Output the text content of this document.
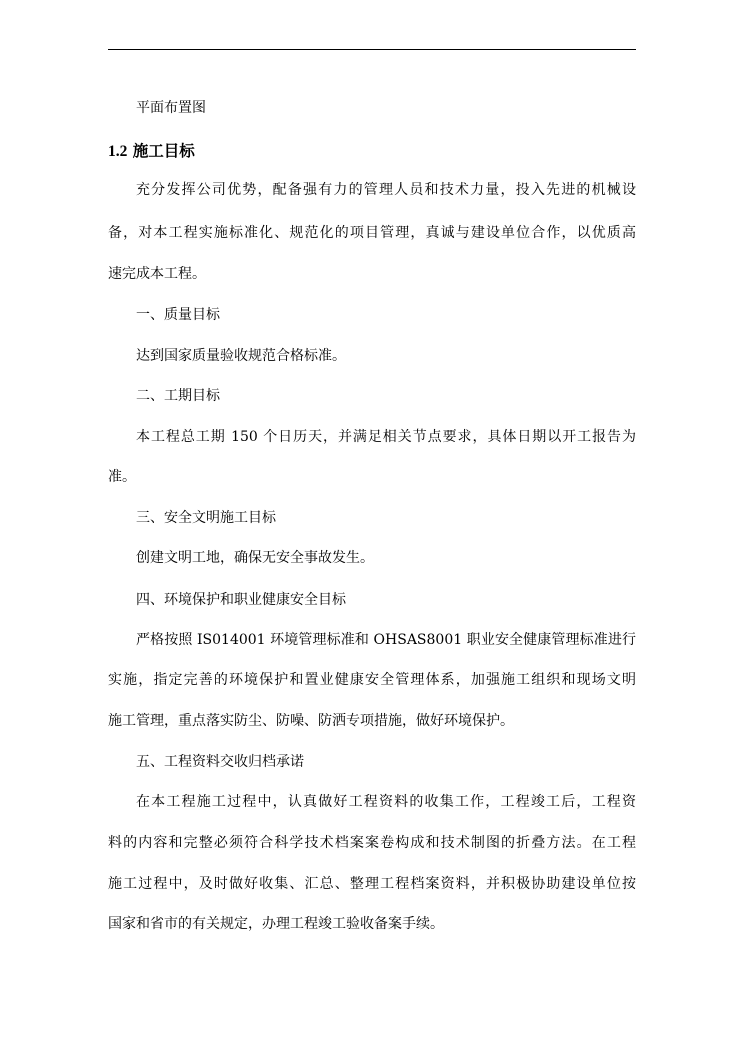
平面布置图
1.2 施工目标
充分发挥公司优势，配备强有力的管理人员和技术力量，投入先进的机械设
备，对本工程实施标准化、规范化的项目管理，真诚与建设单位合作，以优质高
速完成本工程。
一、质量目标
达到国家质量验收规范合格标准。
二、工期目标
本工程总工期 150 个日历天，并满足相关节点要求，具体日期以开工报告为
准。
三、安全文明施工目标
创建文明工地，确保无安全事故发生。
四、环境保护和职业健康安全目标
严格按照 IS014001 环境管理标准和 OHSAS8001 职业安全健康管理标准进行
实施，指定完善的环境保护和置业健康安全管理体系，加强施工组织和现场文明
施工管理，重点落实防尘、防噪、防洒专项措施，做好环境保护。
五、工程资料交收归档承诺
在本工程施工过程中，认真做好工程资料的收集工作，工程竣工后，工程资
料的内容和完整必须符合科学技术档案案卷构成和技术制图的折叠方法。在工程
施工过程中，及时做好收集、汇总、整理工程档案资料，并积极协助建设单位按
国家和省市的有关规定，办理工程竣工验收备案手续。
